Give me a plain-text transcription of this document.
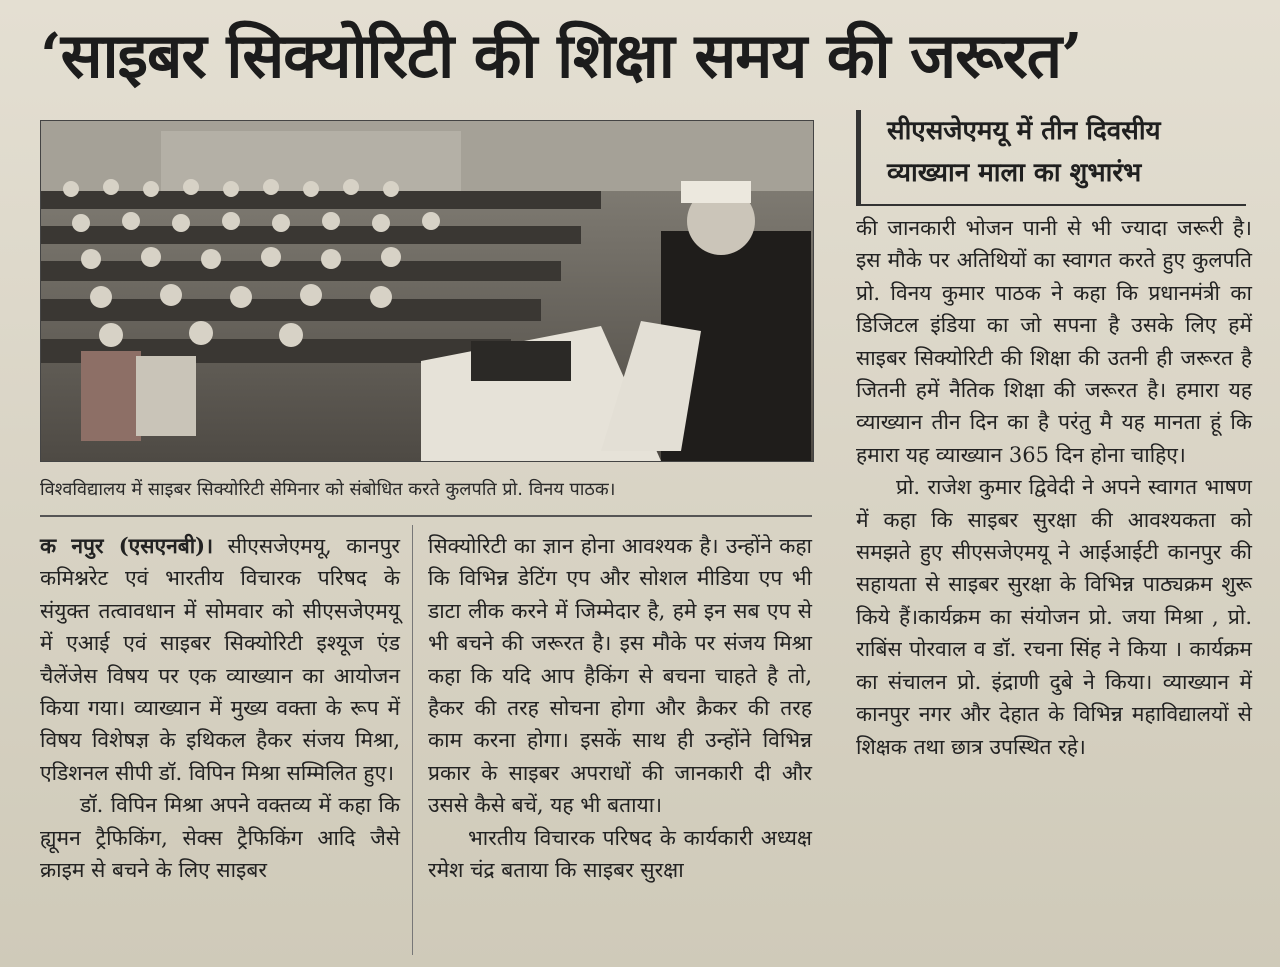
‘साइबर सिक्योरिटी की शिक्षा समय की जरूरत’
विश्वविद्यालय में साइबर सिक्योरिटी सेमिनार को संबोधित करते कुलपति प्रो. विनय पाठक।
सीएसजेएमयू में तीन दिवसीय
व्याख्यान माला का शुभारंभ

क नपुर (एसएनबी)। सीएसजेएमयू, कानपुर कमिश्नरेट एवं भारतीय विचारक परिषद के संयुक्त तत्वावधान में सोमवार को सीएसजेएमयू में एआई एवं साइबर सिक्योरिटी इश्यूज एंड चैलेंजेस विषय पर एक व्याख्यान का आयोजन किया गया। व्याख्यान में मुख्य वक्ता के रूप में विषय विशेषज्ञ के इथिकल हैकर संजय मिश्रा, एडिशनल सीपी डॉ. विपिन मिश्रा सम्मिलित हुए।

डॉ. विपिन मिश्रा अपने वक्तव्य में कहा कि ह्यूमन ट्रैफिकिंग, सेक्स ट्रैफिकिंग आदि जैसे क्राइम से बचने के लिए साइबर

सिक्योरिटी का ज्ञान होना आवश्यक है। उन्होंने कहा कि विभिन्न डेटिंग एप और सोशल मीडिया एप भी डाटा लीक करने में जिम्मेदार है, हमे इन सब एप से भी बचने की जरूरत है। इस मौके पर संजय मिश्रा कहा कि यदि आप हैकिंग से बचना चाहते है तो, हैकर की तरह सोचना होगा और क्रैकर की तरह काम करना होगा। इसकें साथ ही उन्होंने विभिन्न प्रकार के साइबर अपराधों की जानकारी दी और उससे कैसे बचें, यह भी बताया।

भारतीय विचारक परिषद के कार्यकारी अध्यक्ष रमेश चंद्र बताया कि साइबर सुरक्षा

की जानकारी भोजन पानी से भी ज्यादा जरूरी है। इस मौके पर अतिथियों का स्वागत करते हुए कुलपति प्रो. विनय कुमार पाठक ने कहा कि प्रधानमंत्री का डिजिटल इंडिया का जो सपना है उसके लिए हमें साइबर सिक्योरिटी की शिक्षा की उतनी ही जरूरत है जितनी हमें नैतिक शिक्षा की जरूरत है। हमारा यह व्याख्यान तीन दिन का है परंतु मै यह मानता हूं कि हमारा यह व्याख्यान 365 दिन होना चाहिए।

प्रो. राजेश कुमार द्विवेदी ने अपने स्वागत भाषण में कहा कि साइबर सुरक्षा की आवश्यकता को समझते हुए सीएसजेएमयू ने आईआईटी कानपुर की सहायता से साइबर सुरक्षा के विभिन्न पाठ्यक्रम शुरू किये हैं।कार्यक्रम का संयोजन प्रो. जया मिश्रा , प्रो. राबिंस पोरवाल व डॉ. रचना सिंह ने किया । कार्यक्रम का संचालन प्रो. इंद्राणी दुबे ने किया। व्याख्यान में कानपुर नगर और देहात के विभिन्न महाविद्यालयों से शिक्षक तथा छात्र उपस्थित रहे।
